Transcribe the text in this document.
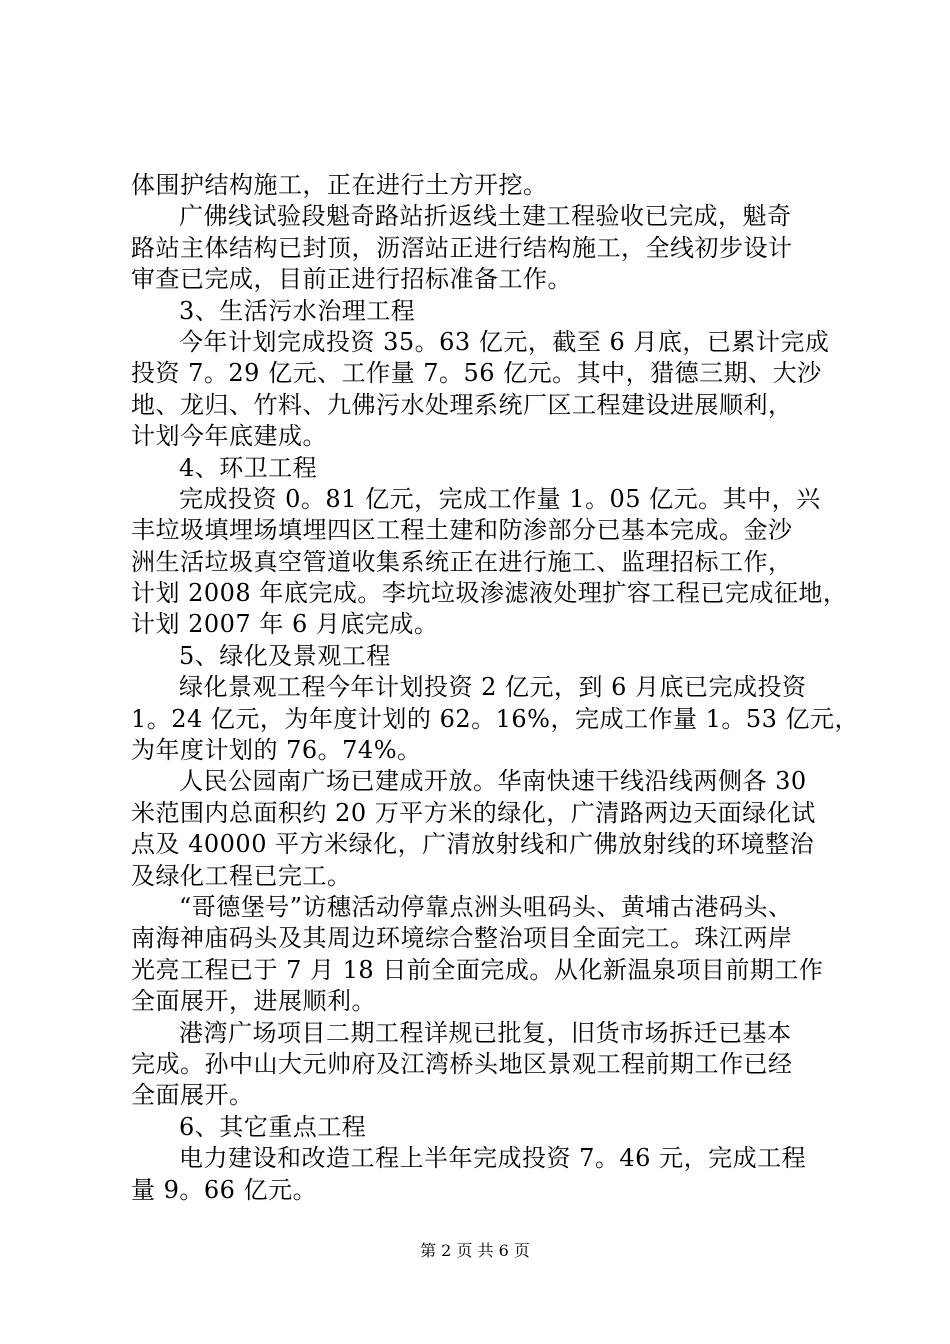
体围护结构施工，正在进行土方开挖。
广佛线试验段魁奇路站折返线土建工程验收已完成，魁奇
路站主体结构已封顶，沥滘站正进行结构施工，全线初步设计
审查已完成，目前正进行招标准备工作。
3、生活污水治理工程
今年计划完成投资 35。63 亿元，截至 6 月底，已累计完成
投资 7。29 亿元、工作量 7。56 亿元。其中，猎德三期、大沙
地、龙归、竹料、九佛污水处理系统厂区工程建设进展顺利，
计划今年底建成。
4、环卫工程
完成投资 0。81 亿元，完成工作量 1。05 亿元。其中，兴
丰垃圾填埋场填埋四区工程土建和防渗部分已基本完成。金沙
洲生活垃圾真空管道收集系统正在进行施工、监理招标工作，
计划 2008 年底完成。李坑垃圾渗滤液处理扩容工程已完成征地，
计划 2007 年 6 月底完成。
5、绿化及景观工程
绿化景观工程今年计划投资 2 亿元，到 6 月底已完成投资
1。24 亿元，为年度计划的 62。16%，完成工作量 1。53 亿元，
为年度计划的 76。74%。
人民公园南广场已建成开放。华南快速干线沿线两侧各 30
米范围内总面积约 20 万平方米的绿化，广清路两边天面绿化试
点及 40000 平方米绿化，广清放射线和广佛放射线的环境整治
及绿化工程已完工。
“哥德堡号”访穗活动停靠点洲头咀码头、黄埔古港码头、
南海神庙码头及其周边环境综合整治项目全面完工。珠江两岸
光亮工程已于 7 月 18 日前全面完成。从化新温泉项目前期工作
全面展开，进展顺利。
港湾广场项目二期工程详规已批复，旧货市场拆迁已基本
完成。孙中山大元帅府及江湾桥头地区景观工程前期工作已经
全面展开。
6、其它重点工程
电力建设和改造工程上半年完成投资 7。46 元，完成工程
量 9。66 亿元。
第 2 页 共 6 页
